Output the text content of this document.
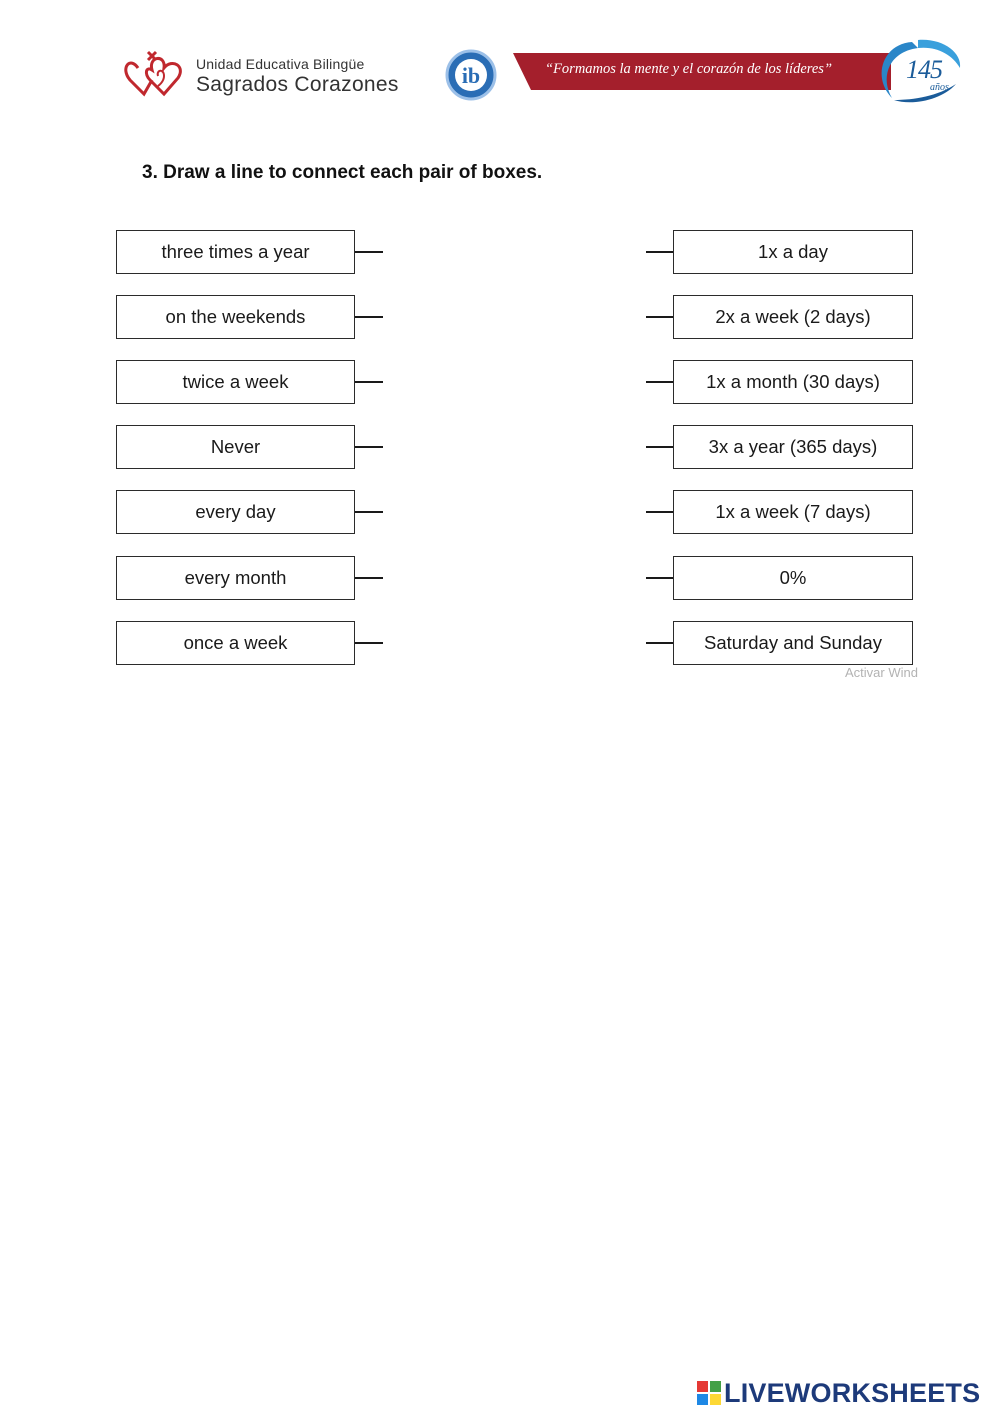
Unidad Educativa Bilingüe
Sagrados Corazones	ib	“Formamos la mente y el corazón de los líderes”	145
años
3. Draw a line to connect each pair of boxes.
three times a year
on the weekends
twice a week
Never
every day
every month
once a week
1x a day
2x a week (2 days)
1x a month (30 days)
3x a year (365 days)
1x a week (7 days)
0%
Saturday and Sunday
Activar Wind
LIVEWORKSHEETS
